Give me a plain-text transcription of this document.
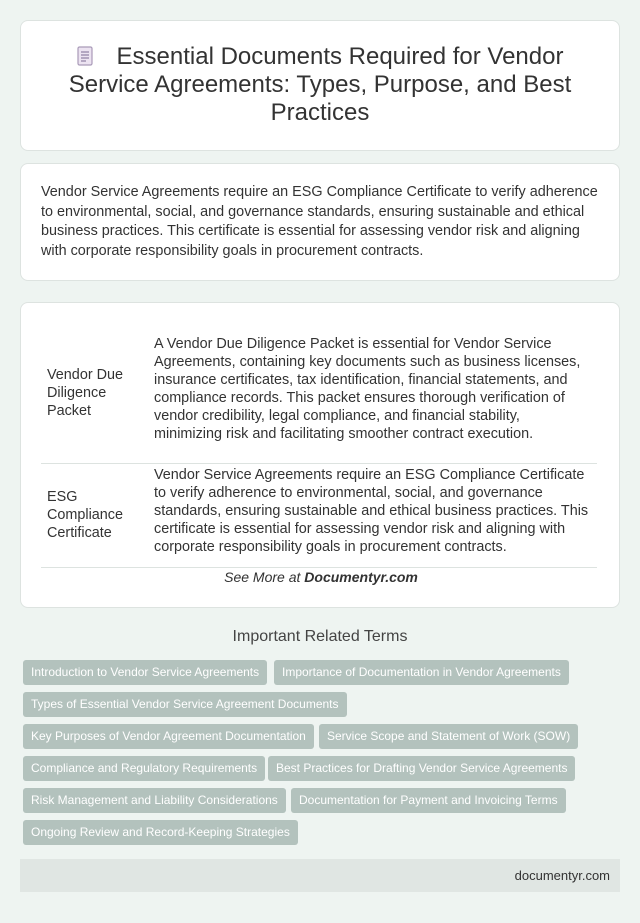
Essential Documents Required for Vendor Service Agreements: Types, Purpose, and Best Practices

Vendor Service Agreements require an ESG Compliance Certificate to verify adherence to environmental, social, and governance standards, ensuring sustainable and ethical business practices. This certificate is essential for assessing vendor risk and aligning with corporate responsibility goals in procurement contracts.

Vendor Due Diligence Packet	A Vendor Due Diligence Packet is essential for Vendor Service Agreements, containing key documents such as business licenses, insurance certificates, tax identification, financial statements, and compliance records. This packet ensures thorough verification of vendor credibility, legal compliance, and financial stability, minimizing risk and facilitating smoother contract execution.
ESG Compliance Certificate	Vendor Service Agreements require an ESG Compliance Certificate to verify adherence to environmental, social, and governance standards, ensuring sustainable and ethical business practices. This certificate is essential for assessing vendor risk and aligning with corporate responsibility goals in procurement contracts.
See More at Documentyr.com
Important Related Terms
Introduction to Vendor Service Agreements	Importance of Documentation in Vendor Agreements
Types of Essential Vendor Service Agreement Documents
Key Purposes of Vendor Agreement Documentation	Service Scope and Statement of Work (SOW)
Compliance and Regulatory Requirements	Best Practices for Drafting Vendor Service Agreements
Risk Management and Liability Considerations	Documentation for Payment and Invoicing Terms
Ongoing Review and Record-Keeping Strategies
documentyr.com
